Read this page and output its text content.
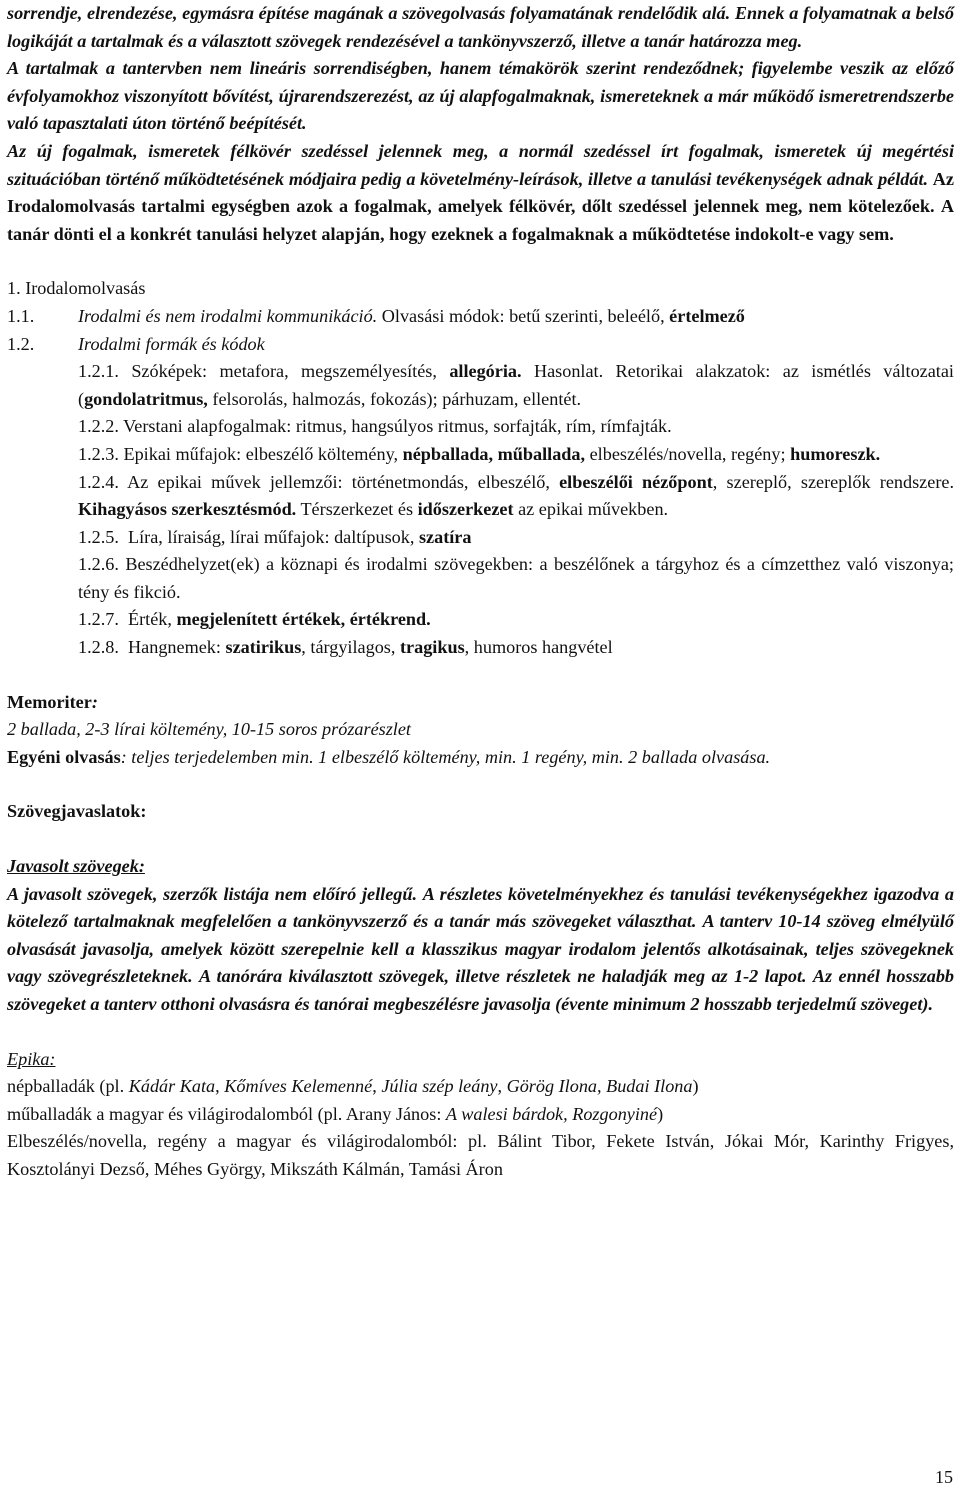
sorrendje, elrendezése, egymásra építése magának a szövegolvasás folyamatának rendelődik alá. Ennek a folyamatnak a belső logikáját a tartalmak és a választott szövegek rendezésével a tankönyvszerző, illetve a tanár határozza meg.

A tartalmak a tantervben nem lineáris sorrendiségben, hanem témakörök szerint rendeződnek; figyelembe veszik az előző évfolyamokhoz viszonyított bővítést, újrarendszerezést, az új alapfogalmaknak, ismereteknek a már működő ismeretrendszerbe való tapasztalati úton történő beépítését.

Az új fogalmak, ismeretek félkövér szedéssel jelennek meg, a normál szedéssel írt fogalmak, ismeretek új megértési szituációban történő működtetésének módjaira pedig a követelmény-leírások, illetve a tanulási tevékenységek adnak példát. Az Irodalomolvasás tartalmi egységben azok a fogalmak, amelyek félkövér, dőlt szedéssel jelennek meg, nem kötelezőek. A tanár dönti el a konkrét tanulási helyzet alapján, hogy ezeknek a fogalmaknak a működtetése indokolt-e vagy sem.

1. Irodalomolvasás
1.1. Irodalmi és nem irodalmi kommunikáció. Olvasási módok: betű szerinti, beleélő, értelmező
1.2. Irodalmi formák és kódok

1.2.1. Szóképek: metafora, megszemélyesítés, allegória. Hasonlat. Retorikai alakzatok: az ismétlés változatai (gondolatritmus, felsorolás, halmozás, fokozás); párhuzam, ellentét.

1.2.2. Verstani alapfogalmak: ritmus, hangsúlyos ritmus, sorfajták, rím, rímfajták.

1.2.3. Epikai műfajok: elbeszélő költemény, népballada, műballada, elbeszélés/novella, regény; humoreszk.

1.2.4. Az epikai művek jellemzői: történetmondás, elbeszélő, elbeszélői nézőpont, szereplő, szereplők rendszere. Kihagyásos szerkesztésmód. Térszerkezet és időszerkezet az epikai művekben.

1.2.5.  Líra, líraiság, lírai műfajok: daltípusok, szatíra

1.2.6. Beszédhelyzet(ek) a köznapi és irodalmi szövegekben: a beszélőnek a tárgyhoz és a címzetthez való viszonya; tény és fikció.

1.2.7.  Érték, megjelenített értékek, értékrend.

1.2.8.  Hangnemek: szatirikus, tárgyilagos, tragikus, humoros hangvétel

Memoriter:

2 ballada, 2-3 lírai költemény, 10-15 soros prózarészlet

Egyéni olvasás: teljes terjedelemben min. 1 elbeszélő költemény, min. 1 regény, min. 2 ballada olvasása.

Szövegjavaslatok:

Javasolt szövegek:

A javasolt szövegek, szerzők listája nem előíró jellegű. A részletes követelményekhez és tanulási tevékenységekhez igazodva a kötelező tartalmaknak megfelelően a tankönyvszerző és a tanár más szövegeket választhat. A tanterv 10-14 szöveg elmélyülő olvasását javasolja, amelyek között szerepelnie kell a klasszikus magyar irodalom jelentős alkotásainak, teljes szövegeknek vagy szövegrészleteknek. A tanórára kiválasztott szövegek, illetve részletek ne haladják meg az 1-2 lapot. Az ennél hosszabb szövegeket a tanterv otthoni olvasásra és tanórai megbeszélésre javasolja (évente minimum 2 hosszabb terjedelmű szöveget).

Epika:

népballadák (pl. Kádár Kata, Kőmíves Kelemenné, Júlia szép leány, Görög Ilona, Budai Ilona)

műballadák a magyar és világirodalomból (pl. Arany János: A walesi bárdok, Rozgonyiné)

Elbeszélés/novella, regény a magyar és világirodalomból: pl. Bálint Tibor, Fekete István, Jókai Mór, Karinthy Frigyes, Kosztolányi Dezső, Méhes György, Mikszáth Kálmán, Tamási Áron

15
